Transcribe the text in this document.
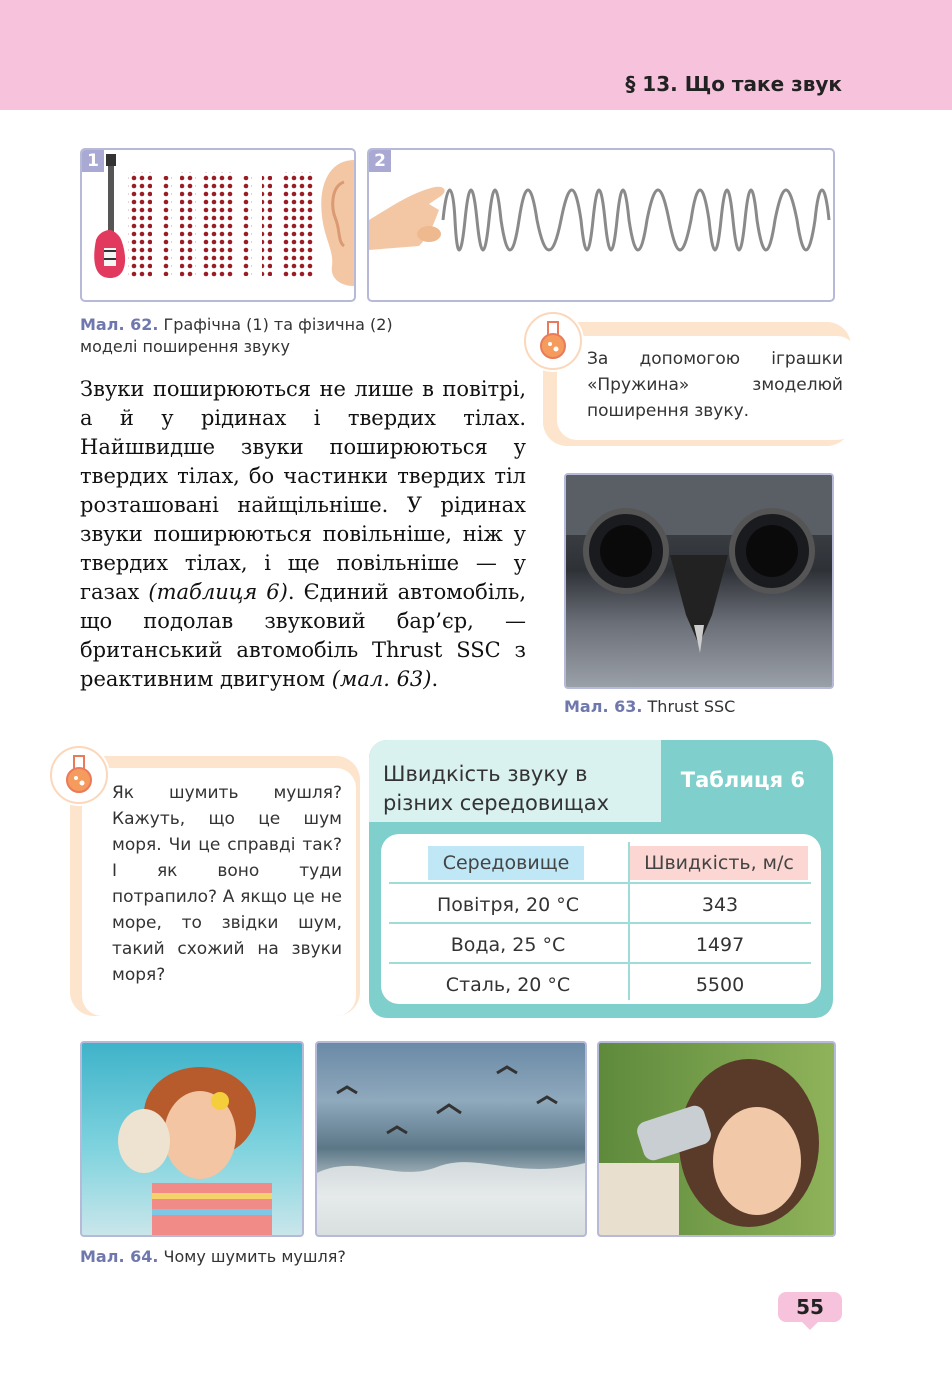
§ 13. Що таке звук
1	2
Мал. 62. Графічна (1) та фізична (2) моделі поширення звуку
За допомогою іграшки «Пружина» змоделюй поширення звуку.
Звуки поширюються не лише в повітрі, а й у рідинах і твердих тілах. Найшвидше звуки поширюються у твердих тілах, бо частинки твердих тіл розташовані найщільніше. У рідинах звуки поширюються повільніше, ніж у твердих тілах, і ще повільніше — у газах (таблиця 6). Єдиний автомобіль, що подолав звуковий бар’єр, — британський автомобіль Thrust SSC з реактивним двигуном (мал. 63).
Мал. 63. Thrust SSC
Як шумить мушля? Кажуть, що це шум моря. Чи це справді так? І як воно туди потрапило? А якщо це не море, то звідки шум, такий схожий на звуки моря?
Швидкість звуку в різних середовищах
Таблиця 6
Середовище	Швидкість, м/с
Повітря, 20 °С	343
Вода, 25 °С	1497
Сталь, 20 °С	5500
Мал. 64. Чому шумить мушля?
55
